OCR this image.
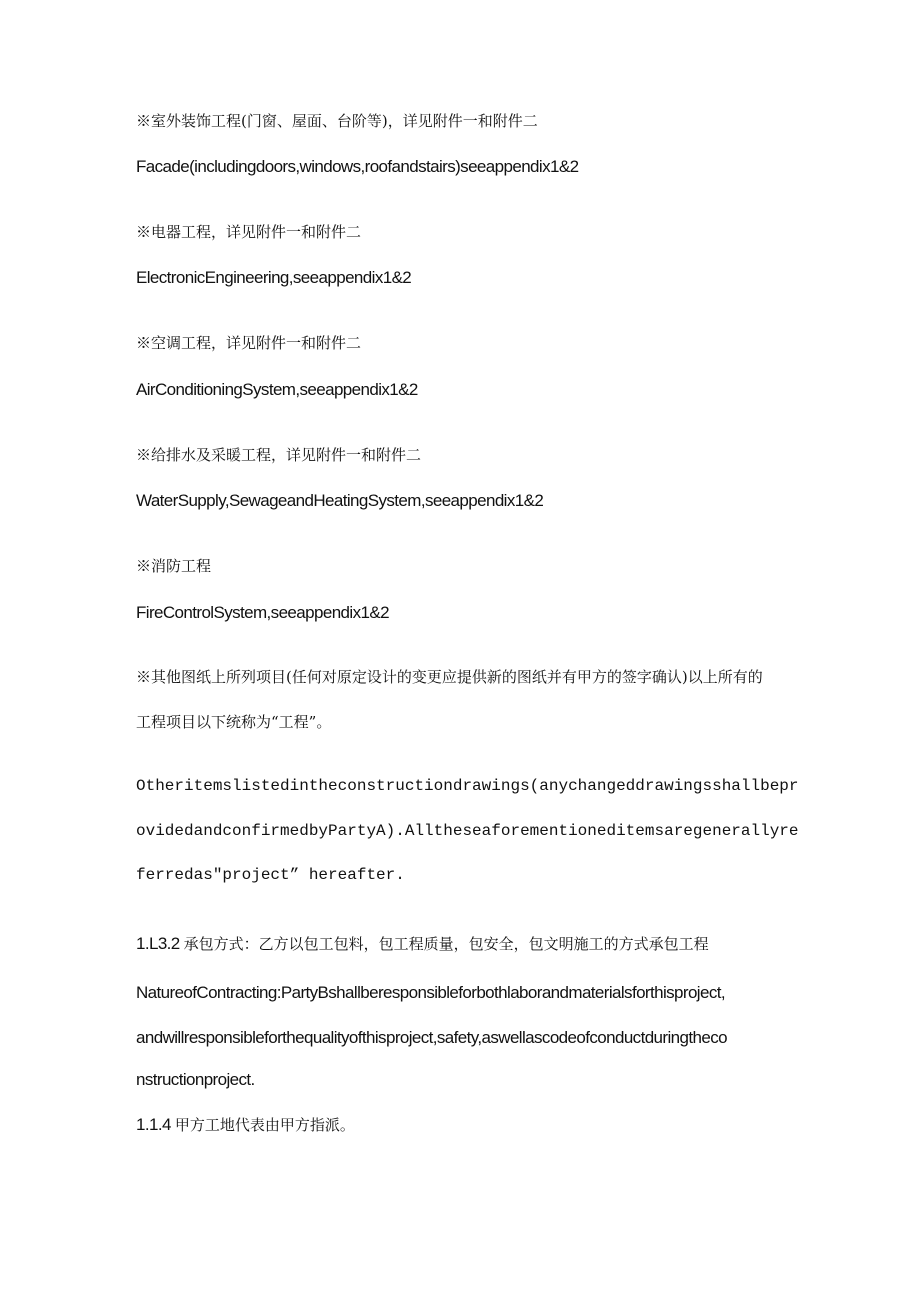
※室外装饰工程(门窗、屋面、台阶等)，详见附件一和附件二

Facade(includingdoors,windows,roofandstairs)seeappendix1&2

※电器工程，详见附件一和附件二

ElectronicEngineering,seeappendix1&2

※空调工程，详见附件一和附件二

AirConditioningSystem,seeappendix1&2

※给排水及采暖工程，详见附件一和附件二

WaterSupply,SewageandHeatingSystem,seeappendix1&2

※消防工程

FireControlSystem,seeappendix1&2

※其他图纸上所列项目(任何对原定设计的变更应提供新的图纸并有甲方的签字确认)以上所有的

工程项目以下统称为“工程”。

Otheritemslistedintheconstructiondrawings(anychangeddrawingsshallbepr

ovidedandconfirmedbyPartyA).Alltheseaforementioneditemsaregenerallyre

ferredas"project” hereafter.

1.L3.2 承包方式：乙方以包工包料，包工程质量，包安全，包文明施工的方式承包工程

NatureofContracting:PartyBshallberesponsibleforbothlaborandmaterialsforthisproject,

andwillresponsibleforthequalityofthisproject,safety,aswellascodeofconductduringtheco

nstructionproject.

1.1.4 甲方工地代表由甲方指派。
